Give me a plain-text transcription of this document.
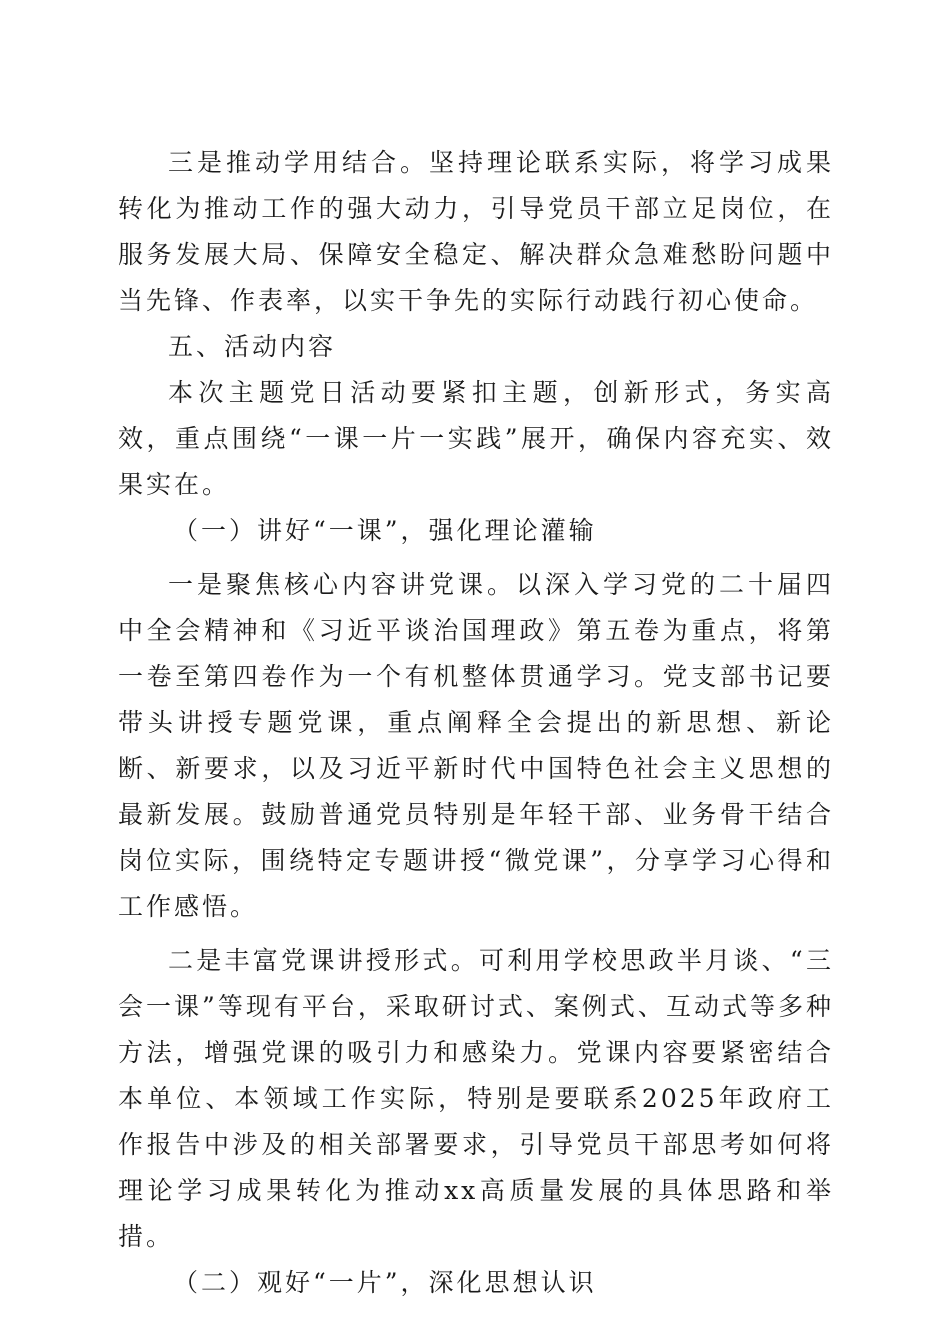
三是推动学用结合。坚持理论联系实际，将学习成果转化为推动工作的强大动力，引导党员干部立足岗位，在服务发展大局、保障安全稳定、解决群众急难愁盼问题中当先锋、作表率，以实干争先的实际行动践行初心使命。

五、活动内容

本次主题党日活动要紧扣主题，创新形式，务实高效，重点围绕“一课一片一实践”展开，确保内容充实、效果实在。

（一）讲好“一课”，强化理论灌输

一是聚焦核心内容讲党课。以深入学习党的二十届四中全会精神和《习近平谈治国理政》第五卷为重点，将第一卷至第四卷作为一个有机整体贯通学习。党支部书记要带头讲授专题党课，重点阐释全会提出的新思想、新论断、新要求，以及习近平新时代中国特色社会主义思想的最新发展。鼓励普通党员特别是年轻干部、业务骨干结合岗位实际，围绕特定专题讲授“微党课”，分享学习心得和工作感悟。

二是丰富党课讲授形式。可利用学校思政半月谈、“三会一课”等现有平台，采取研讨式、案例式、互动式等多种方法，增强党课的吸引力和感染力。党课内容要紧密结合本单位、本领域工作实际，特别是要联系2025年政府工作报告中涉及的相关部署要求，引导党员干部思考如何将理论学习成果转化为推动xx高质量发展的具体思路和举措。

（二）观好“一片”，深化思想认识
